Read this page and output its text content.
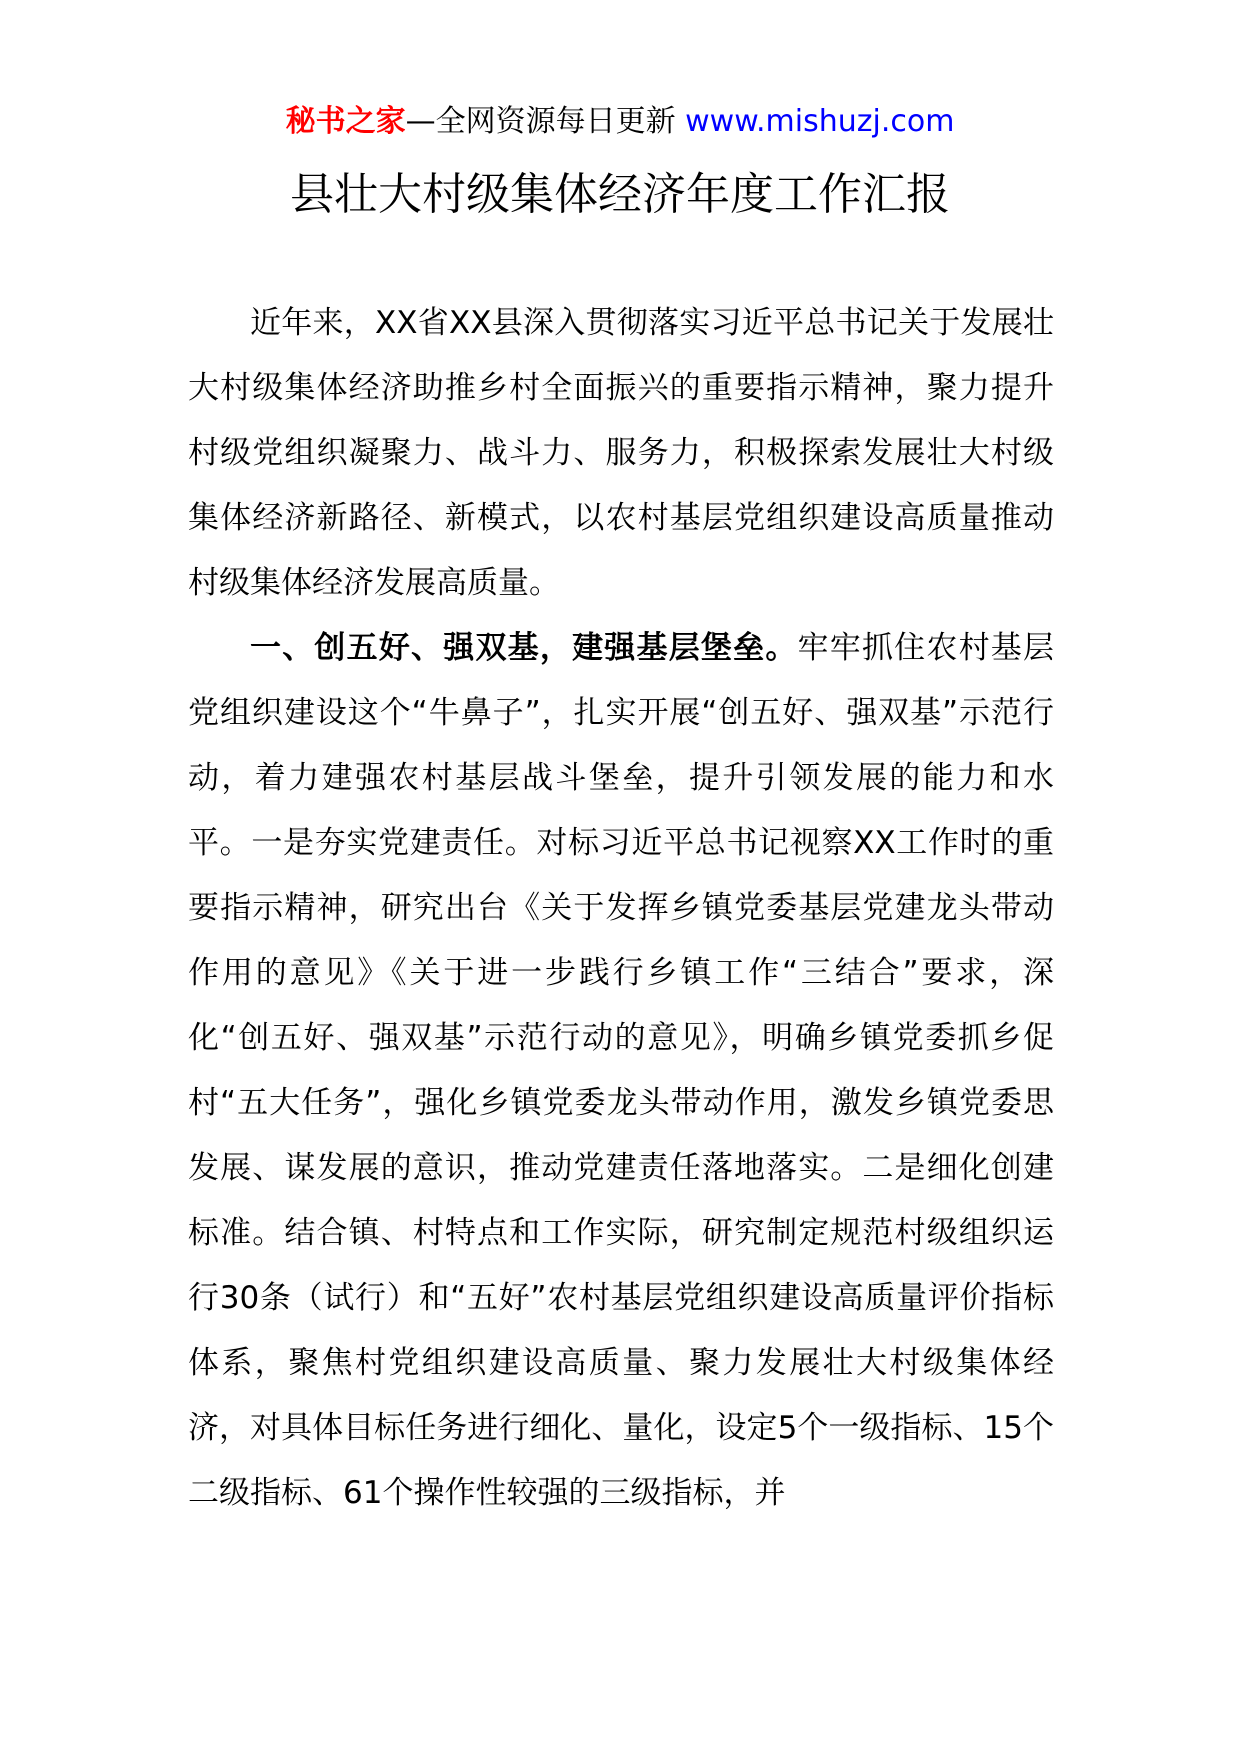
秘书之家—全网资源每日更新 www.mishuzj.com
县壮大村级集体经济年度工作汇报

近年来，XX省XX县深入贯彻落实习近平总书记关于发展壮大村级集体经济助推乡村全面振兴的重要指示精神，聚力提升村级党组织凝聚力、战斗力、服务力，积极探索发展壮大村级集体经济新路径、新模式，以农村基层党组织建设高质量推动村级集体经济发展高质量。

一、创五好、强双基，建强基层堡垒。牢牢抓住农村基层党组织建设这个“牛鼻子”，扎实开展“创五好、强双基”示范行动，着力建强农村基层战斗堡垒，提升引领发展的能力和水平。一是夯实党建责任。对标习近平总书记视察XX工作时的重要指示精神，研究出台《关于发挥乡镇党委基层党建龙头带动作用的意见》《关于进一步践行乡镇工作“三结合”要求，深化“创五好、强双基”示范行动的意见》，明确乡镇党委抓乡促村“五大任务”，强化乡镇党委龙头带动作用，激发乡镇党委思发展、谋发展的意识，推动党建责任落地落实。二是细化创建标准。结合镇、村特点和工作实际，研究制定规范村级组织运行30条（试行）和“五好”农村基层党组织建设高质量评价指标体系，聚焦村党组织建设高质量、聚力发展壮大村级集体经济，对具体目标任务进行细化、量化，设定5个一级指标、15个二级指标、61个操作性较强的三级指标，并
